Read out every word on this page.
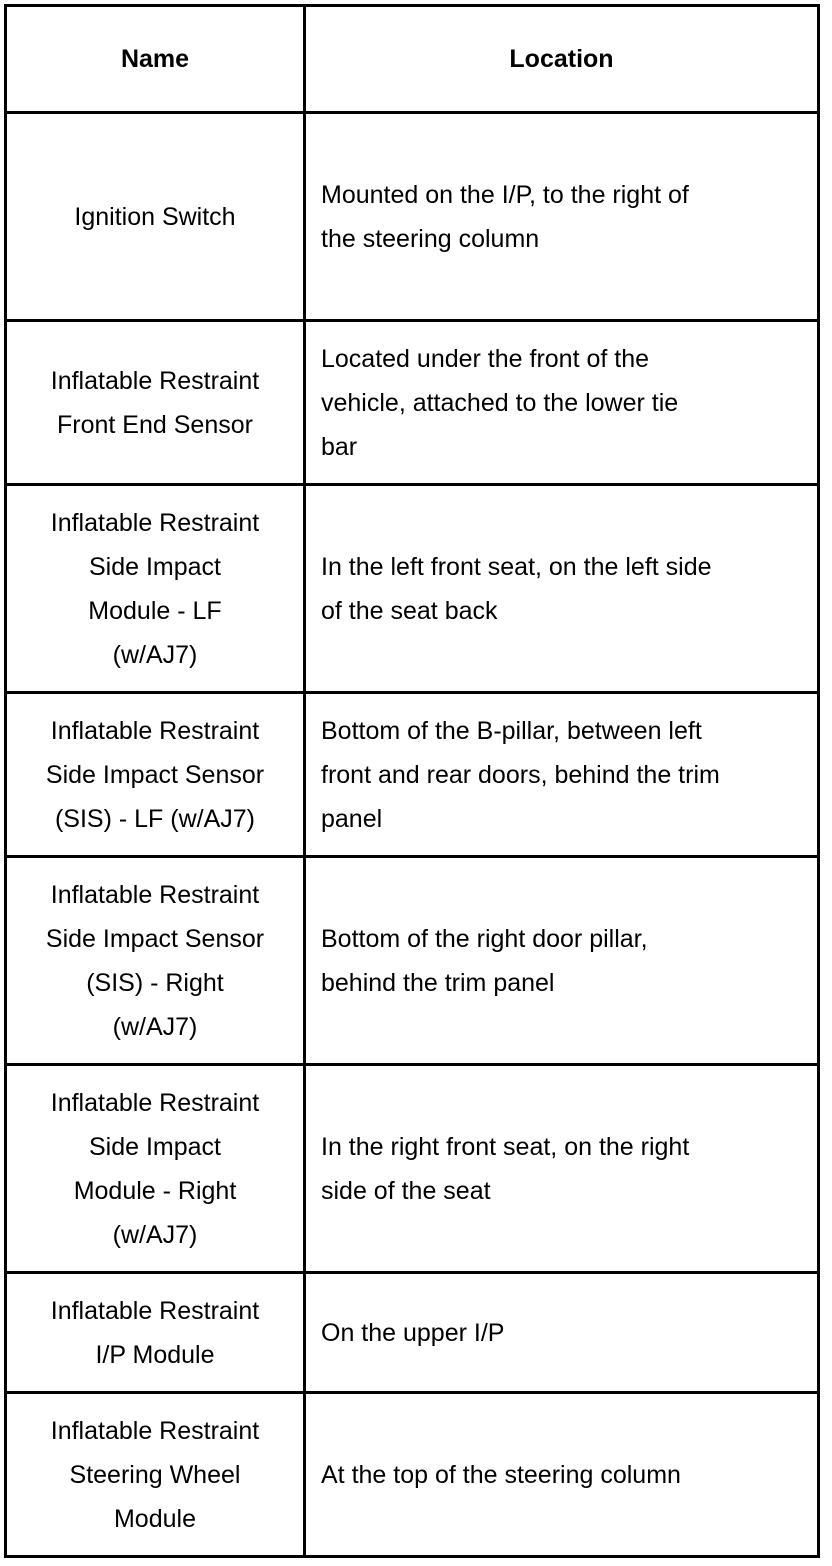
Name	Location
Ignition Switch
Mounted on the I/P, to the right of
the steering column
Inflatable Restraint
Front End Sensor
Located under the front of the
vehicle, attached to the lower tie
bar
Inflatable Restraint
Side Impact
Module - LF
(w/AJ7)
In the left front seat, on the left side
of the seat back
Inflatable Restraint
Side Impact Sensor
(SIS) - LF (w/AJ7)
Bottom of the B-pillar, between left
front and rear doors, behind the trim
panel
Inflatable Restraint
Side Impact Sensor
(SIS) - Right
(w/AJ7)
Bottom of the right door pillar,
behind the trim panel
Inflatable Restraint
Side Impact
Module - Right
(w/AJ7)
In the right front seat, on the right
side of the seat
Inflatable Restraint
I/P Module
On the upper I/P
Inflatable Restraint
Steering Wheel
Module
At the top of the steering column
